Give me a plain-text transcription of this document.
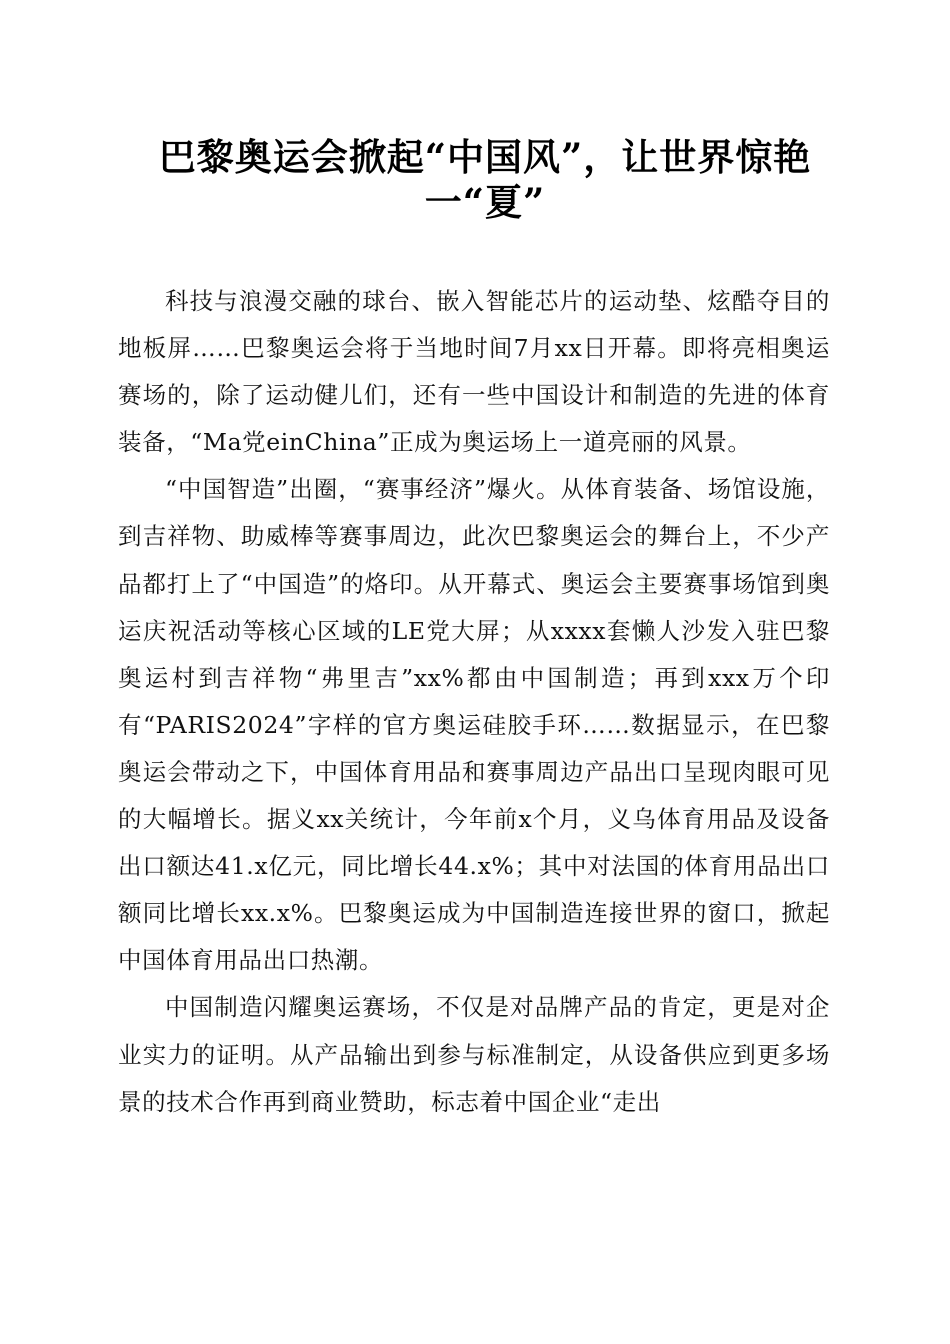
巴黎奥运会掀起“中国风”，让世界惊艳一“夏”

科技与浪漫交融的球台、嵌入智能芯片的运动垫、炫酷夺目的地板屏……巴黎奥运会将于当地时间7月xx日开幕。即将亮相奥运赛场的，除了运动健儿们，还有一些中国设计和制造的先进的体育装备，“Ma党einChina”正成为奥运场上一道亮丽的风景。

“中国智造”出圈，“赛事经济”爆火。从体育装备、场馆设施，到吉祥物、助威棒等赛事周边，此次巴黎奥运会的舞台上，不少产品都打上了“中国造”的烙印。从开幕式、奥运会主要赛事场馆到奥运庆祝活动等核心区域的LE党大屏；从xxxx套懒人沙发入驻巴黎奥运村到吉祥物“弗里吉”xx%都由中国制造；再到xxx万个印有“PARIS2024”字样的官方奥运硅胶手环……数据显示，在巴黎奥运会带动之下，中国体育用品和赛事周边产品出口呈现肉眼可见的大幅增长。据义xx关统计，今年前x个月，义乌体育用品及设备出口额达41.x亿元，同比增长44.x%；其中对法国的体育用品出口额同比增长xx.x%。巴黎奥运成为中国制造连接世界的窗口，掀起中国体育用品出口热潮。

中国制造闪耀奥运赛场，不仅是对品牌产品的肯定，更是对企业实力的证明。从产品输出到参与标准制定，从设备供应到更多场景的技术合作再到商业赞助，标志着中国企业“走出
